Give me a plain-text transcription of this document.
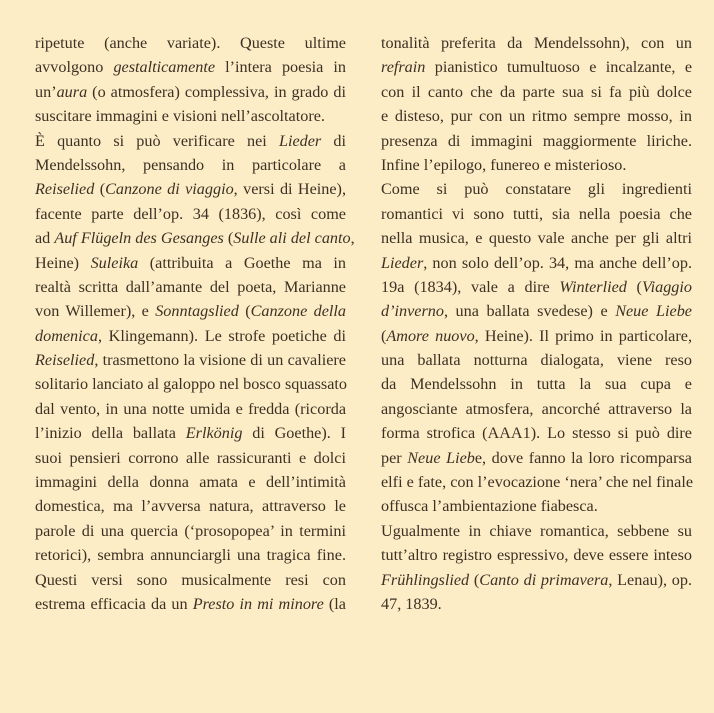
ripetute (anche variate). Queste ultime
avvolgono gestalticamente l’intera poesia in
un’aura (o atmosfera) complessiva, in grado di
suscitare immagini e visioni nell’ascoltatore.
È quanto si può verificare nei Lieder di
Mendelssohn, pensando in particolare a
Reiselied (Canzone di viaggio, versi di Heine),
facente parte dell’op. 34 (1836), così come
ad Auf Flügeln des Gesanges (Sulle ali del canto,
Heine) Suleika (attribuita a Goethe ma in
realtà scritta dall’amante del poeta, Marianne
von Willemer), e Sonntagslied (Canzone della
domenica, Klingemann). Le strofe poetiche di
Reiselied, trasmettono la visione di un cavaliere
solitario lanciato al galoppo nel bosco squassato
dal vento, in una notte umida e fredda (ricorda
l’inizio della ballata Erlkönig di Goethe). I
suoi pensieri corrono alle rassicuranti e dolci
immagini della donna amata e dell’intimità
domestica, ma l’avversa natura, attraverso le
parole di una quercia (‘prosopopea’ in termini
retorici), sembra annunciargli una tragica fine.
Questi versi sono musicalmente resi con
estrema efficacia da un Presto in mi minore (la
tonalità preferita da Mendelssohn), con un
refrain pianistico tumultuoso e incalzante, e
con il canto che da parte sua si fa più dolce
e disteso, pur con un ritmo sempre mosso, in
presenza di immagini maggiormente liriche.
Infine l’epilogo, funereo e misterioso.
Come si può constatare gli ingredienti
romantici vi sono tutti, sia nella poesia che
nella musica, e questo vale anche per gli altri
Lieder, non solo dell’op. 34, ma anche dell’op.
19a (1834), vale a dire Winterlied (Viaggio
d’inverno, una ballata svedese) e Neue Liebe
(Amore nuovo, Heine). Il primo in particolare,
una ballata notturna dialogata, viene reso
da Mendelssohn in tutta la sua cupa e
angosciante atmosfera, ancorché attraverso la
forma strofica (AAA1). Lo stesso si può dire
per Neue Liebe, dove fanno la loro ricomparsa
elfi e fate, con l’evocazione ‘nera’ che nel finale
offusca l’ambientazione fiabesca.
Ugualmente in chiave romantica, sebbene su
tutt’altro registro espressivo, deve essere inteso
Frühlingslied (Canto di primavera, Lenau), op.
47, 1839.
